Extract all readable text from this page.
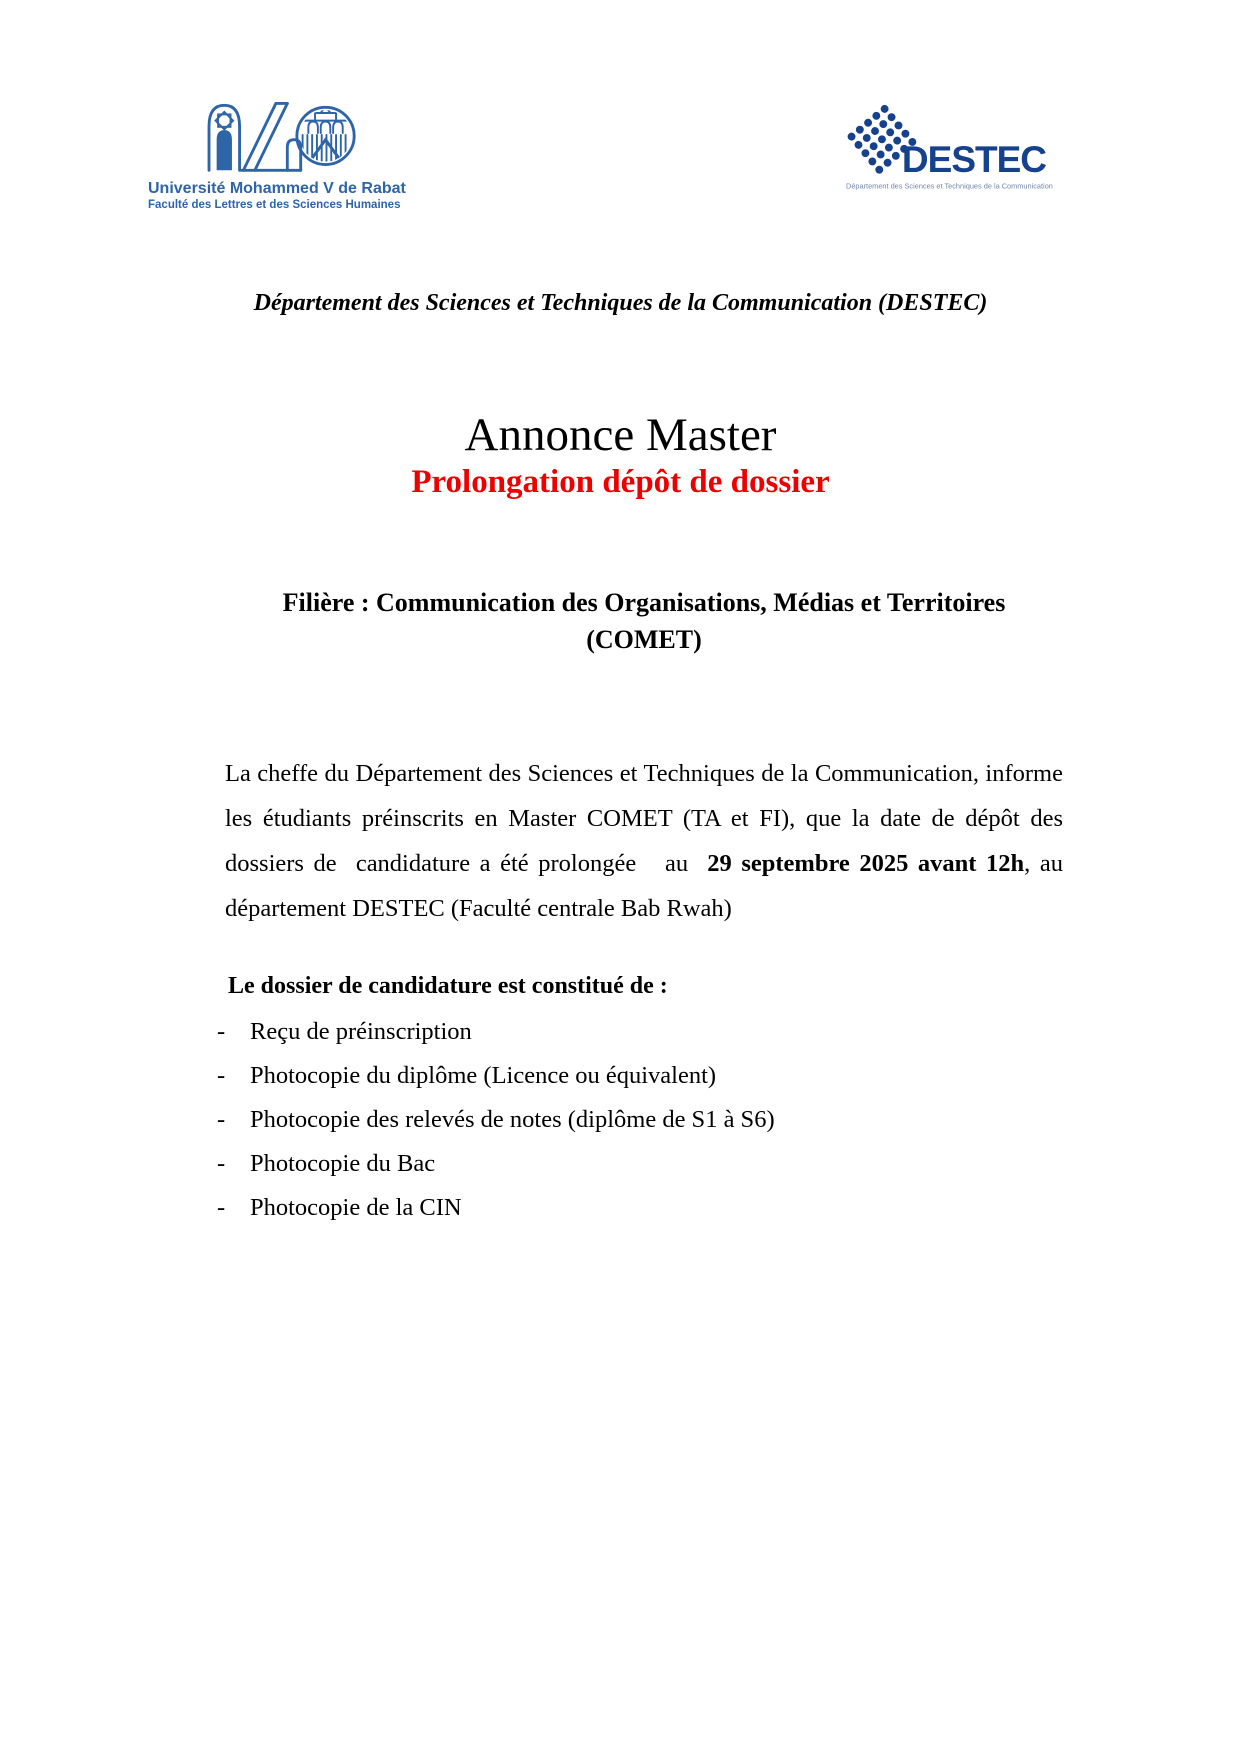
Université Mohammed V de Rabat
Faculté des Lettres et des Sciences Humaines
DESTEC
Département des Sciences et Techniques de la Communication

Département des Sciences et Techniques de la Communication (DESTEC)

Annonce Master
Prolongation dépôt de dossier
Filière : Communication des Organisations, Médias et Territoires
(COMET)

La cheffe du Département des Sciences et Techniques de la Communication, informe les étudiants préinscrits en Master COMET (TA et FI), que la date de dépôt des dossiers de  candidature a été prolongée   au  29 septembre 2025 avant 12h, au département DESTEC (Faculté centrale Bab Rwah)

Le dossier de candidature est constitué de :

-	Reçu de préinscription
-	Photocopie du diplôme (Licence ou équivalent)
-	Photocopie des relevés de notes (diplôme de S1 à S6)
-	Photocopie du Bac
-	Photocopie de la CIN
